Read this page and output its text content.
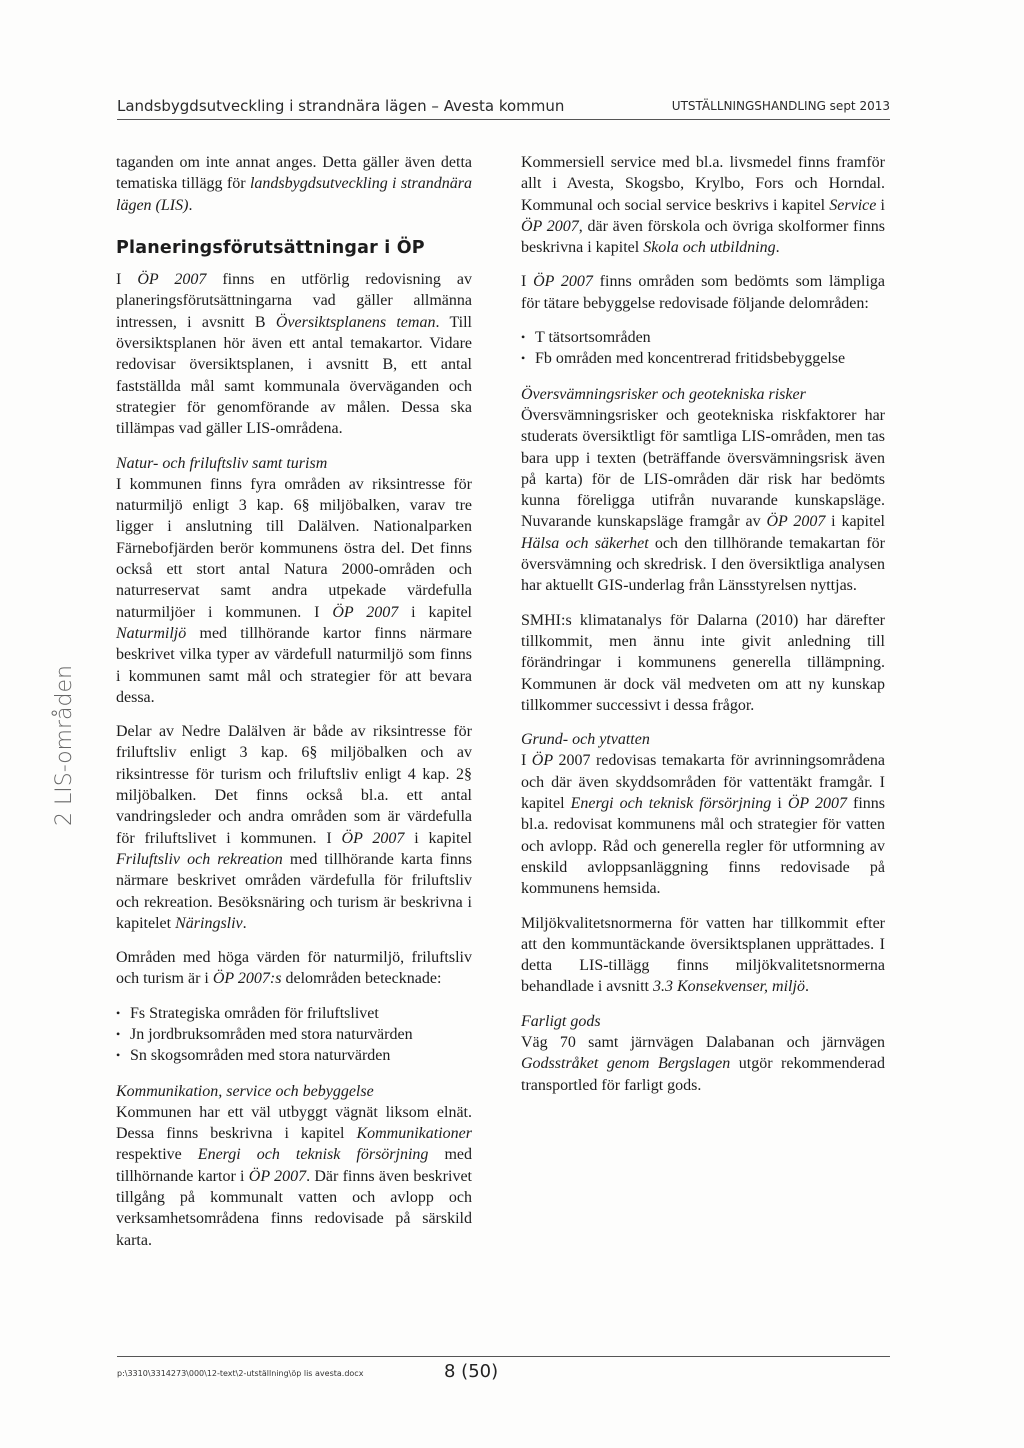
Landsbygdsutveckling i strandnära lägen – Avesta kommun	UTSTÄLLNINGSHANDLING sept 2013
2 LIS-områden

taganden om inte annat anges. Detta gäller även detta tematiska tillägg för landsbygdsutveckling i strandnära lägen (LIS).

Planeringsförutsättningar i ÖP

I ÖP 2007 finns en utförlig redovisning av planeringsförutsättningarna vad gäller allmänna intressen, i avsnitt B Översiktsplanens teman. Till översiktsplanen hör även ett antal temakartor. Vidare redovisar översiktsplanen, i avsnitt B, ett antal fastställda mål samt kommunala överväganden och strategier för genomförande av målen. Dessa ska tillämpas vad gäller LIS-områdena.

Natur- och friluftsliv samt turism
I kommunen finns fyra områden av riksintresse för naturmiljö enligt 3 kap. 6§ miljöbalken, varav tre ligger i anslutning till Dalälven. Nationalparken Färnebofjärden berör kommunens östra del. Det finns också ett stort antal Natura 2000-områden och naturreservat samt andra utpekade värdefulla naturmiljöer i kommunen. I ÖP 2007 i kapitel Naturmiljö med tillhörande kartor finns närmare beskrivet vilka typer av värdefull naturmiljö som finns i kommunen samt mål och strategier för att bevara dessa.

Delar av Nedre Dalälven är både av riksintresse för friluftsliv enligt 3 kap. 6§ miljöbalken och av riksintresse för turism och friluftsliv enligt 4 kap. 2§ miljöbalken. Det finns också bl.a. ett antal vandringsleder och andra områden som är värdefulla för friluftslivet i kommunen. I ÖP 2007 i kapitel Friluftsliv och rekreation med tillhörande karta finns närmare beskrivet områden värdefulla för friluftsliv och rekreation. Besöksnäring och turism är beskrivna i kapitelet Näringsliv.

Områden med höga värden för naturmiljö, friluftsliv och turism är i ÖP 2007:s delområden betecknade:

• Fs Strategiska områden för friluftslivet
• Jn jordbruksområden med stora naturvärden
• Sn skogsområden med stora naturvärden

Kommunikation, service och bebyggelse
Kommunen har ett väl utbyggt vägnät liksom elnät. Dessa finns beskrivna i kapitel Kommunikationer respektive Energi och teknisk försörjning med tillhörnande kartor i ÖP 2007. Där finns även beskrivet tillgång på kommunalt vatten och avlopp och verksamhetsområdena finns redovisade på särskild karta.

Kommersiell service med bl.a. livsmedel finns framför allt i Avesta, Skogsbo, Krylbo, Fors och Horndal. Kommunal och social service beskrivs i kapitel Service i ÖP 2007, där även förskola och övriga skolformer finns beskrivna i kapitel Skola och utbildning.

I ÖP 2007 finns områden som bedömts som lämpliga för tätare bebyggelse redovisade följande delområden:

• T tätsortsområden
• Fb områden med koncentrerad fritidsbebyggelse

Översvämningsrisker och geotekniska risker
Översvämningsrisker och geotekniska riskfaktorer har studerats översiktligt för samtliga LIS-områden, men tas bara upp i texten (beträffande översvämningsrisk även på karta) för de LIS-områden där risk har bedömts kunna föreligga utifrån nuvarande kunskapsläge. Nuvarande kunskapsläge framgår av ÖP 2007 i kapitel Hälsa och säkerhet och den tillhörande temakartan för översvämning och skredrisk. I den översiktliga analysen har aktuellt GIS-underlag från Länsstyrelsen nyttjas.

SMHI:s klimatanalys för Dalarna (2010) har därefter tillkommit, men ännu inte givit anledning till förändringar i kommunens generella tillämpning. Kommunen är dock väl medveten om att ny kunskap tillkommer successivt i dessa frågor.

Grund- och ytvatten
I ÖP 2007 redovisas temakarta för avrinningsområdena och där även skyddsområden för vattentäkt framgår. I kapitel Energi och teknisk försörjning i ÖP 2007 finns bl.a. redovisat kommunens mål och strategier för vatten och avlopp. Råd och generella regler för utformning av enskild avloppsanläggning finns redovisade på kommunens hemsida.

Miljökvalitetsnormerna för vatten har tillkommit efter att den kommuntäckande översiktsplanen upprättades. I detta LIS-tillägg finns miljökvalitetsnormerna behandlade i avsnitt 3.3 Konsekvenser, miljö.

Farligt gods
Väg 70 samt järnvägen Dalabanan och järnvägen Godsstråket genom Bergslagen utgör rekommenderad transportled för farligt gods.

p:\3310\3314273\000\12-text\2-utställning\öp lis avesta.docx	8 (50)
